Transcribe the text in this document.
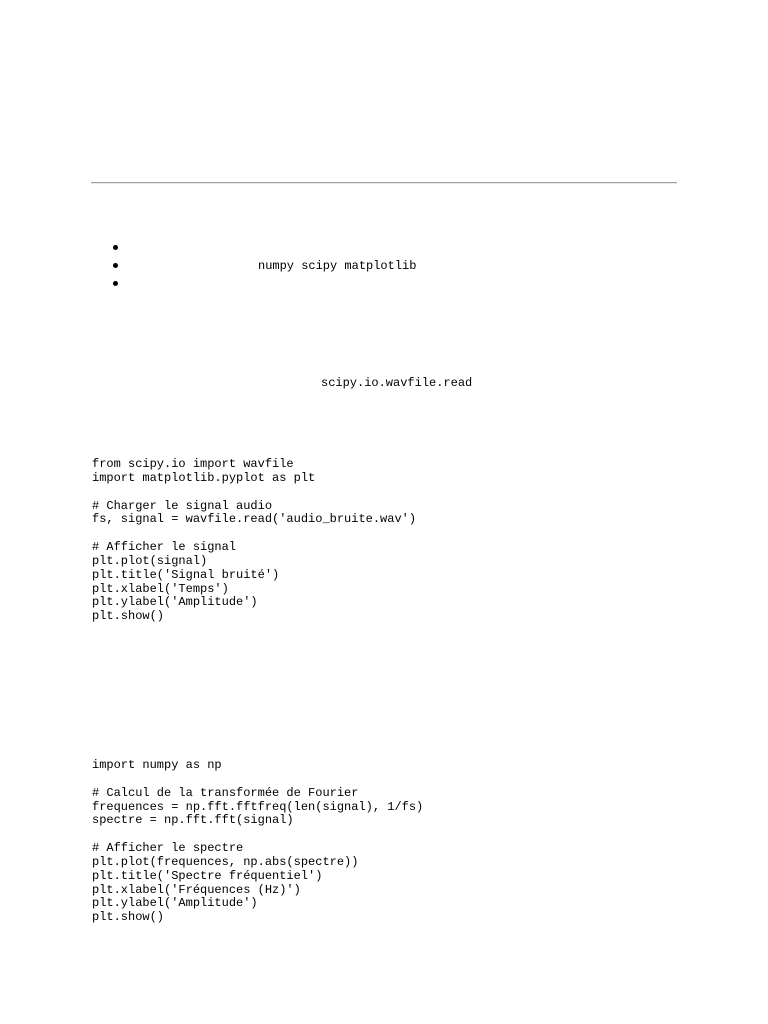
numpy scipy matplotlib

scipy.io.wavfile.read
from scipy.io import wavfile
import matplotlib.pyplot as plt
# Charger le signal audio
fs, signal = wavfile.read('audio_bruite.wav')
# Afficher le signal
plt.plot(signal)
plt.title('Signal bruité')
plt.xlabel('Temps')
plt.ylabel('Amplitude')
plt.show()
import numpy as np
# Calcul de la transformée de Fourier
frequences = np.fft.fftfreq(len(signal), 1/fs)
spectre = np.fft.fft(signal)
# Afficher le spectre
plt.plot(frequences, np.abs(spectre))
plt.title('Spectre fréquentiel')
plt.xlabel('Fréquences (Hz)')
plt.ylabel('Amplitude')
plt.show()
